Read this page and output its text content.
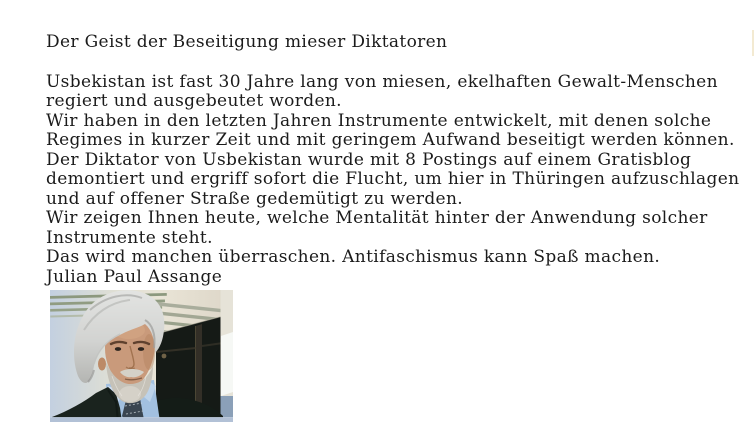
Der Geist der Beseitigung mieser Diktatoren
Usbekistan ist fast 30 Jahre lang von miesen, ekelhaften Gewalt-Menschen
regiert und ausgebeutet worden.
Wir haben in den letzten Jahren Instrumente entwickelt, mit denen solche
Regimes in kurzer Zeit und mit geringem Aufwand beseitigt werden können.
Der Diktator von Usbekistan wurde mit 8 Postings auf einem Gratisblog
demontiert und ergriff sofort die Flucht, um hier in Thüringen aufzuschlagen
und auf offener Straße gedemütigt zu werden.
Wir zeigen Ihnen heute, welche Mentalität hinter der Anwendung solcher
Instrumente steht.
Das wird manchen überraschen. Antifaschismus kann Spaß machen.
Julian Paul Assange
